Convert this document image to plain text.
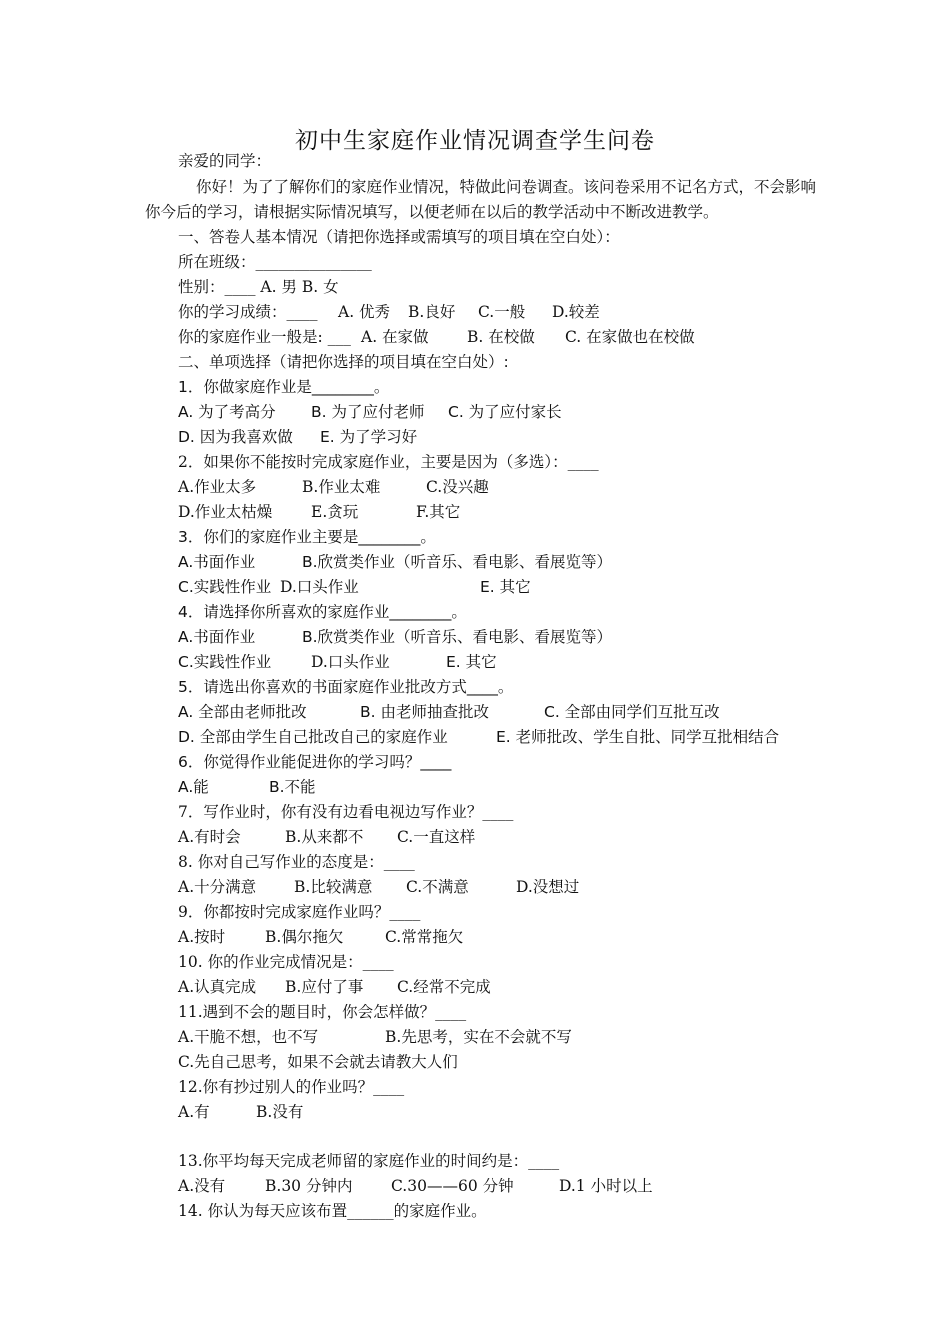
初中生家庭作业情况调查学生问卷
亲爱的同学：
你好！为了了解你们的家庭作业情况，特做此问卷调查。该问卷采用不记名方式，不会影响
你今后的学习，请根据实际情况填写，以便老师在以后的教学活动中不断改进教学。
一、答卷人基本情况（请把你选择或需填写的项目填在空白处）：
所在班级：_______________
性别：____ A. 男 B. 女
你的学习成绩：____ A. 优秀 B.良好 C.一般 D.较差
你的家庭作业一般是: ___ A. 在家做 B. 在校做 C. 在家做也在校做
二、单项选择（请把你选择的项目填在空白处）:
1．你做家庭作业是________。
A. 为了考高分 B. 为了应付老师 C. 为了应付家长
D. 因为我喜欢做 E. 为了学习好
2．如果你不能按时完成家庭作业，主要是因为（多选）：____
A.作业太多	B.作业太难	C.没兴趣
D.作业太枯燥 E.贪玩	F.其它
3．你们的家庭作业主要是________。
A.书面作业	B.欣赏类作业（听音乐、看电影、看展览等）
C.实践性作业 D.口头作业	E. 其它
4．请选择你所喜欢的家庭作业________。
A.书面作业	B.欣赏类作业（听音乐、看电影、看展览等）
C.实践性作业	D.口头作业	E. 其它
5．请选出你喜欢的书面家庭作业批改方式____。
A. 全部由老师批改	B. 由老师抽查批改	C. 全部由同学们互批互改
D. 全部由学生自己批改自己的家庭作业	E. 老师批改、学生自批、同学互批相结合
6．你觉得作业能促进你的学习吗？____
A.能	B.不能
7．写作业时，你有没有边看电视边写作业？____
A.有时会	B.从来都不 C.一直这样
8. 你对自己写作业的态度是：____
A.十分满意 B.比较满意 C.不满意	D.没想过
9．你都按时完成家庭作业吗？____
A.按时	B.偶尔拖欠	C.常常拖欠
10. 你的作业完成情况是：____
A.认真完成 B.应付了事 C.经常不完成
11.遇到不会的题目时，你会怎样做？____
A.干脆不想，也不写	B.先思考，实在不会就不写
C.先自己思考，如果不会就去请教大人们
12.你有抄过别人的作业吗？____
A.有	B.没有
13.你平均每天完成老师留的家庭作业的时间约是：____
A.没有	B.30 分钟内 C.30——60 分钟	D.1 小时以上
14. 你认为每天应该布置______的家庭作业。
